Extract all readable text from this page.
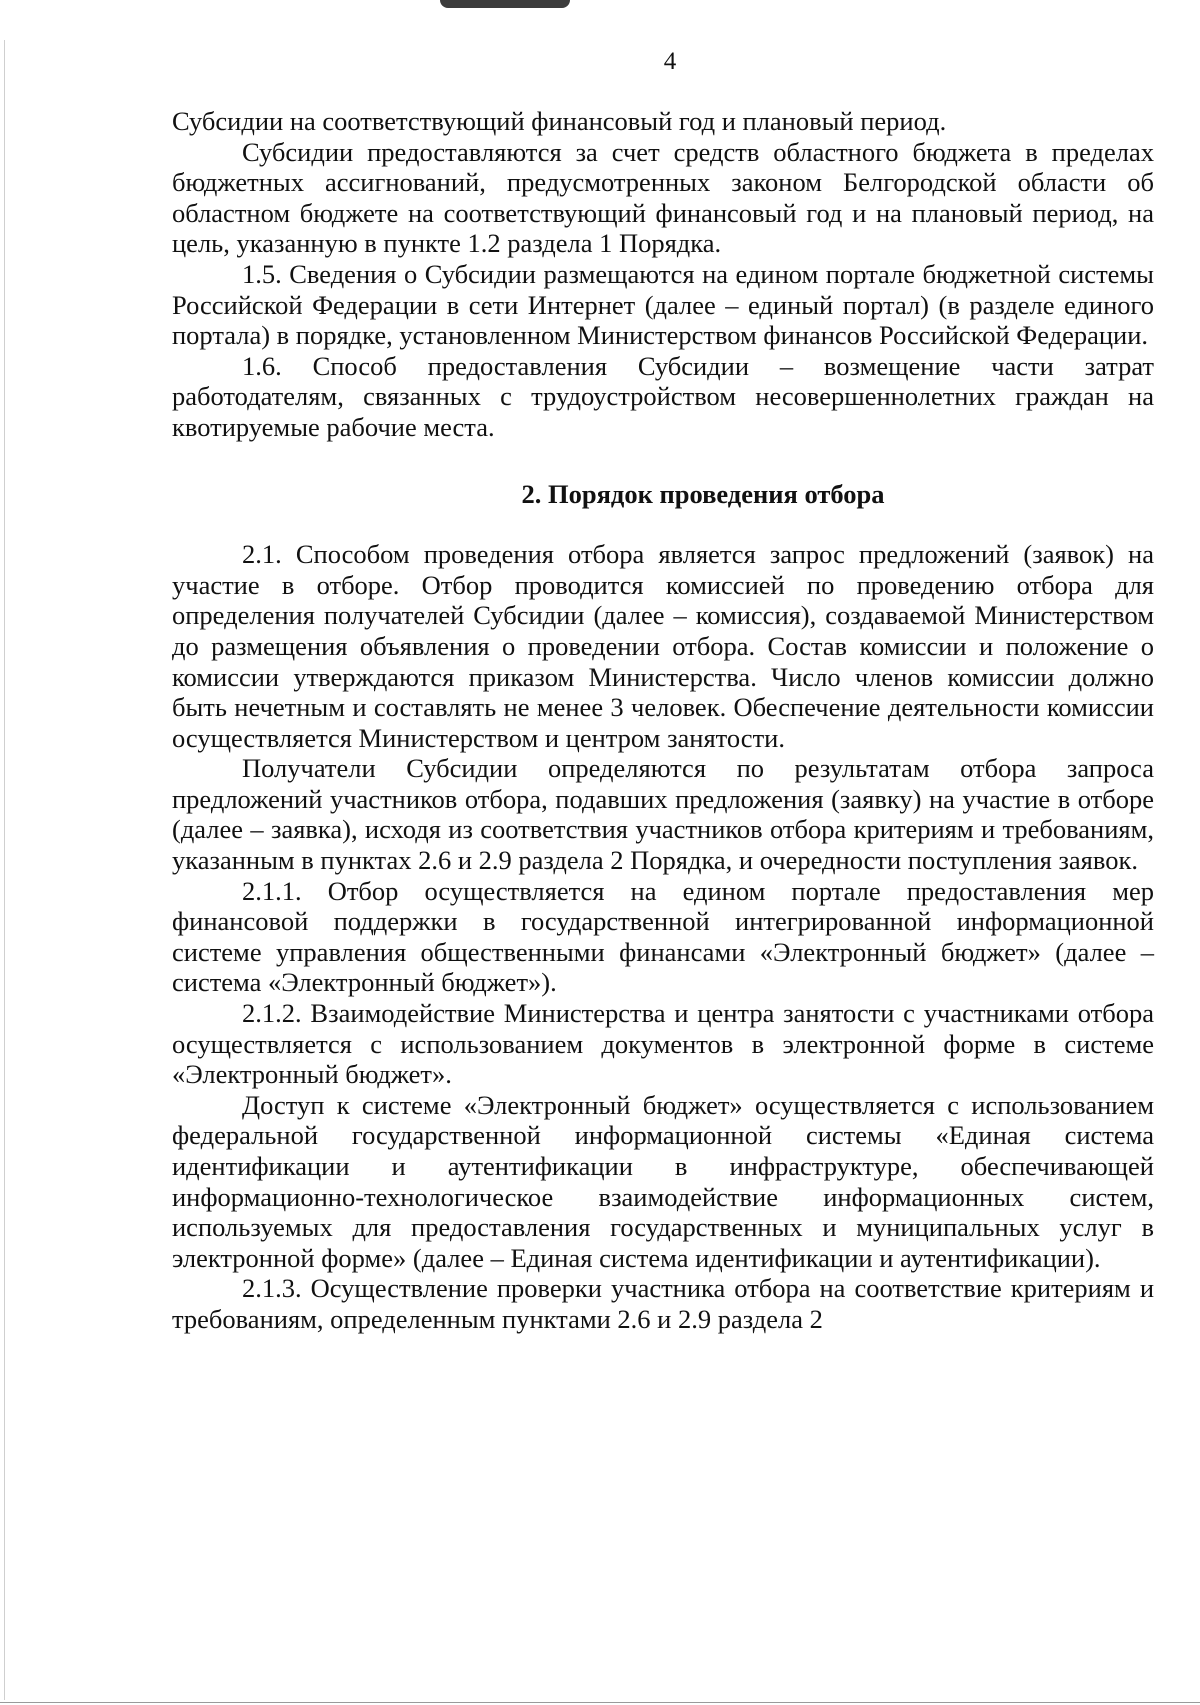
4

Субсидии на соответствующий финансовый год и плановый период.

Субсидии предоставляются за счет средств областного бюджета в пределах бюджетных ассигнований, предусмотренных законом Белгородской области об областном бюджете на соответствующий финансовый год и на плановый период, на цель, указанную в пункте 1.2 раздела 1 Порядка.

1.5. Сведения о Субсидии размещаются на едином портале бюджетной системы Российской Федерации в сети Интернет (далее – единый портал) (в разделе единого портала) в порядке, установленном Министерством финансов Российской Федерации.

1.6. Способ предоставления Субсидии – возмещение части затрат работодателям, связанных с трудоустройством несовершеннолетних граждан на квотируемые рабочие места.

2. Порядок проведения отбора

2.1. Способом проведения отбора является запрос предложений (заявок) на участие в отборе. Отбор проводится комиссией по проведению отбора для определения получателей Субсидии (далее – комиссия), создаваемой Министерством до размещения объявления о проведении отбора. Состав комиссии и положение о комиссии утверждаются приказом Министерства. Число членов комиссии должно быть нечетным и составлять не менее 3 человек. Обеспечение деятельности комиссии осуществляется Министерством и центром занятости.

Получатели Субсидии определяются по результатам отбора запроса предложений участников отбора, подавших предложения (заявку) на участие в отборе (далее – заявка), исходя из соответствия участников отбора критериям и требованиям, указанным в пунктах 2.6 и 2.9 раздела 2 Порядка, и очередности поступления заявок.

2.1.1. Отбор осуществляется на едином портале предоставления мер финансовой поддержки в государственной интегрированной информационной системе управления общественными финансами «Электронный бюджет» (далее – система «Электронный бюджет»).

2.1.2. Взаимодействие Министерства и центра занятости с участниками отбора осуществляется с использованием документов в электронной форме в системе «Электронный бюджет».

Доступ к системе «Электронный бюджет» осуществляется с использованием федеральной государственной информационной системы «Единая система идентификации и аутентификации в инфраструктуре, обеспечивающей информационно-технологическое взаимодействие информационных систем, используемых для предоставления государственных и муниципальных услуг в электронной форме» (далее – Единая система идентификации и аутентификации).

2.1.3. Осуществление проверки участника отбора на соответствие критериям и требованиям, определенным пунктами 2.6 и 2.9 раздела 2
